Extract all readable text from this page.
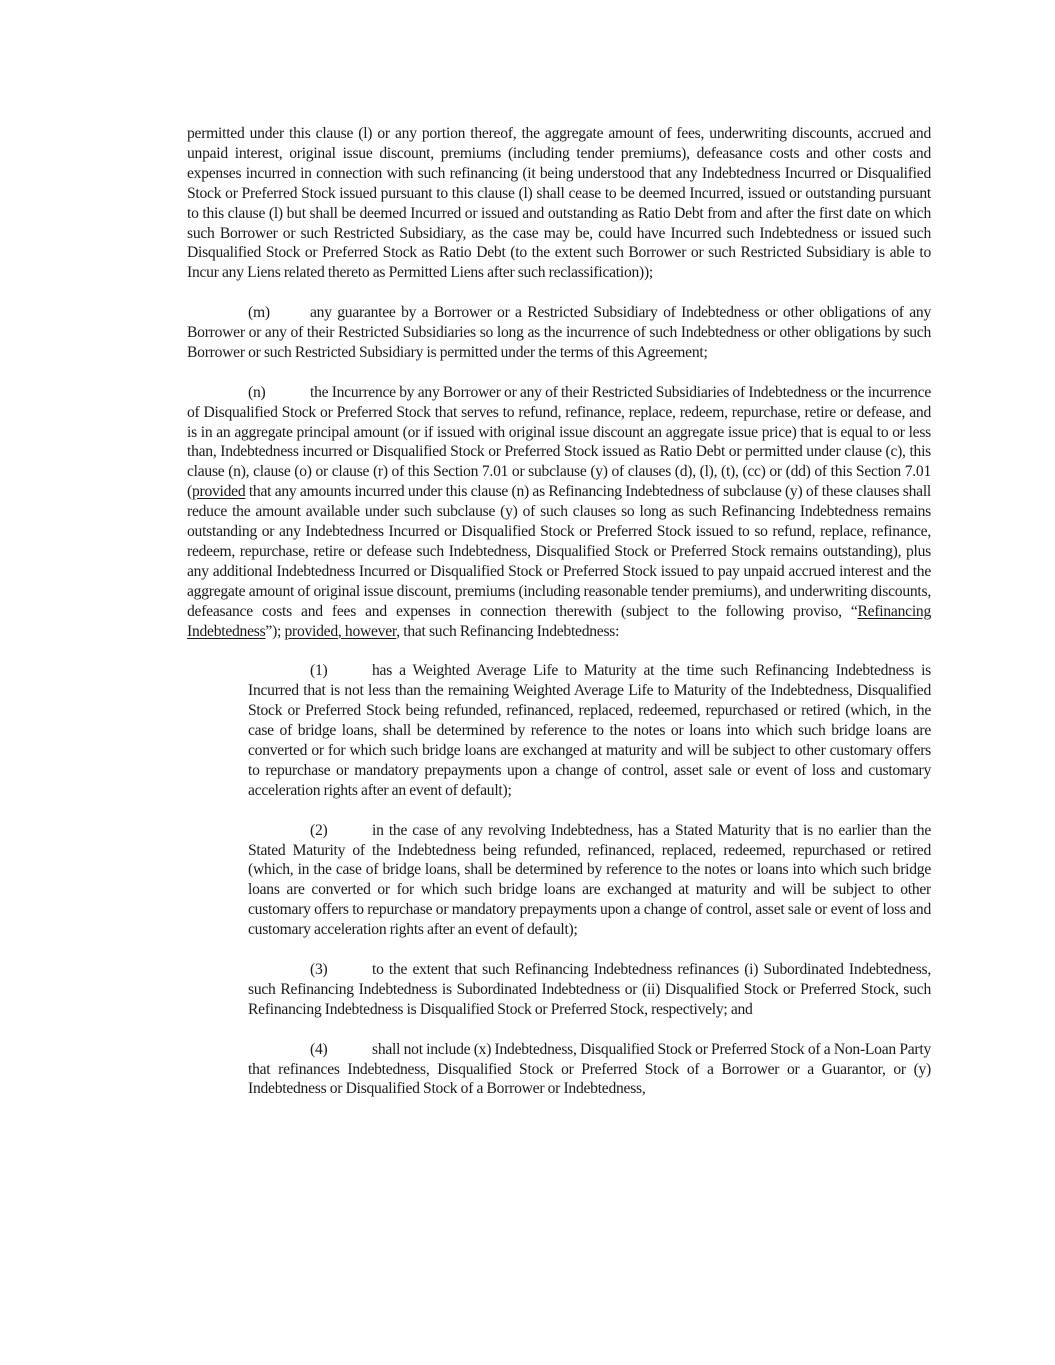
permitted under this clause (l) or any portion thereof, the aggregate amount of fees, underwriting discounts, accrued and unpaid interest, original issue discount, premiums (including tender premiums), defeasance costs and other costs and expenses incurred in connection with such refinancing (it being understood that any Indebtedness Incurred or Disqualified Stock or Preferred Stock issued pursuant to this clause (l) shall cease to be deemed Incurred, issued or outstanding pursuant to this clause (l) but shall be deemed Incurred or issued and outstanding as Ratio Debt from and after the first date on which such Borrower or such Restricted Subsidiary, as the case may be, could have Incurred such Indebtedness or issued such Disqualified Stock or Preferred Stock as Ratio Debt (to the extent such Borrower or such Restricted Subsidiary is able to Incur any Liens related thereto as Permitted Liens after such reclassification));

(m)	any guarantee by a Borrower or a Restricted Subsidiary of Indebtedness or other obligations of any Borrower or any of their Restricted Subsidiaries so long as the incurrence of such Indebtedness or other obligations by such Borrower or such Restricted Subsidiary is permitted under the terms of this Agreement;

(n)	the Incurrence by any Borrower or any of their Restricted Subsidiaries of Indebtedness or the incurrence of Disqualified Stock or Preferred Stock that serves to refund, refinance, replace, redeem, repurchase, retire or defease, and is in an aggregate principal amount (or if issued with original issue discount an aggregate issue price) that is equal to or less than, Indebtedness incurred or Disqualified Stock or Preferred Stock issued as Ratio Debt or permitted under clause (c), this clause (n), clause (o) or clause (r) of this Section 7.01 or subclause (y) of clauses (d), (l), (t), (cc) or (dd) of this Section 7.01 (provided that any amounts incurred under this clause (n) as Refinancing Indebtedness of subclause (y) of these clauses shall reduce the amount available under such subclause (y) of such clauses so long as such Refinancing Indebtedness remains outstanding or any Indebtedness Incurred or Disqualified Stock or Preferred Stock issued to so refund, replace, refinance, redeem, repurchase, retire or defease such Indebtedness, Disqualified Stock or Preferred Stock remains outstanding), plus any additional Indebtedness Incurred or Disqualified Stock or Preferred Stock issued to pay unpaid accrued interest and the aggregate amount of original issue discount, premiums (including reasonable tender premiums), and underwriting discounts, defeasance costs and fees and expenses in connection therewith (subject to the following proviso, “Refinancing Indebtedness”); provided, however, that such Refinancing Indebtedness:

(1)	has a Weighted Average Life to Maturity at the time such Refinancing Indebtedness is Incurred that is not less than the remaining Weighted Average Life to Maturity of the Indebtedness, Disqualified Stock or Preferred Stock being refunded, refinanced, replaced, redeemed, repurchased or retired (which, in the case of bridge loans, shall be determined by reference to the notes or loans into which such bridge loans are converted or for which such bridge loans are exchanged at maturity and will be subject to other customary offers to repurchase or mandatory prepayments upon a change of control, asset sale or event of loss and customary acceleration rights after an event of default);

(2)	in the case of any revolving Indebtedness, has a Stated Maturity that is no earlier than the Stated Maturity of the Indebtedness being refunded, refinanced, replaced, redeemed, repurchased or retired (which, in the case of bridge loans, shall be determined by reference to the notes or loans into which such bridge loans are converted or for which such bridge loans are exchanged at maturity and will be subject to other customary offers to repurchase or mandatory prepayments upon a change of control, asset sale or event of loss and customary acceleration rights after an event of default);

(3)	to the extent that such Refinancing Indebtedness refinances (i) Subordinated Indebtedness, such Refinancing Indebtedness is Subordinated Indebtedness or (ii) Disqualified Stock or Preferred Stock, such Refinancing Indebtedness is Disqualified Stock or Preferred Stock, respectively; and

(4)	shall not include (x) Indebtedness, Disqualified Stock or Preferred Stock of a Non-Loan Party that refinances Indebtedness, Disqualified Stock or Preferred Stock of a Borrower or a Guarantor, or (y) Indebtedness or Disqualified Stock of a Borrower or Indebtedness,
